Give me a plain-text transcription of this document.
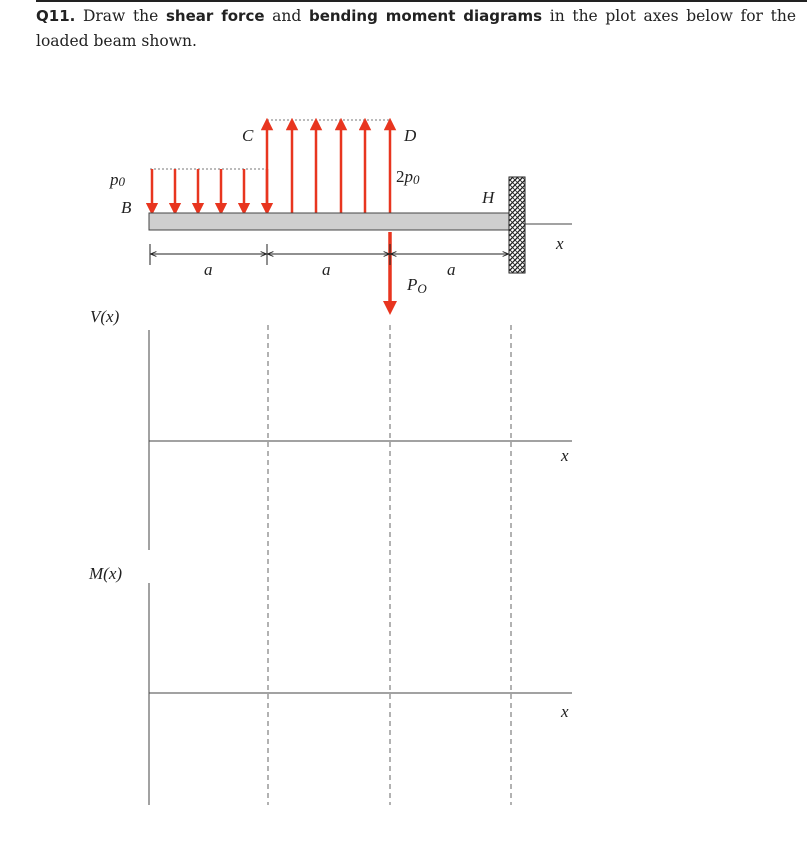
Q11. Draw the shear force and bending moment diagrams in the plot axes below for the loaded beam shown.
p0
B
C	D
2p0
H
x
a	a	a
PO
V(x)
x
M(x)
x
